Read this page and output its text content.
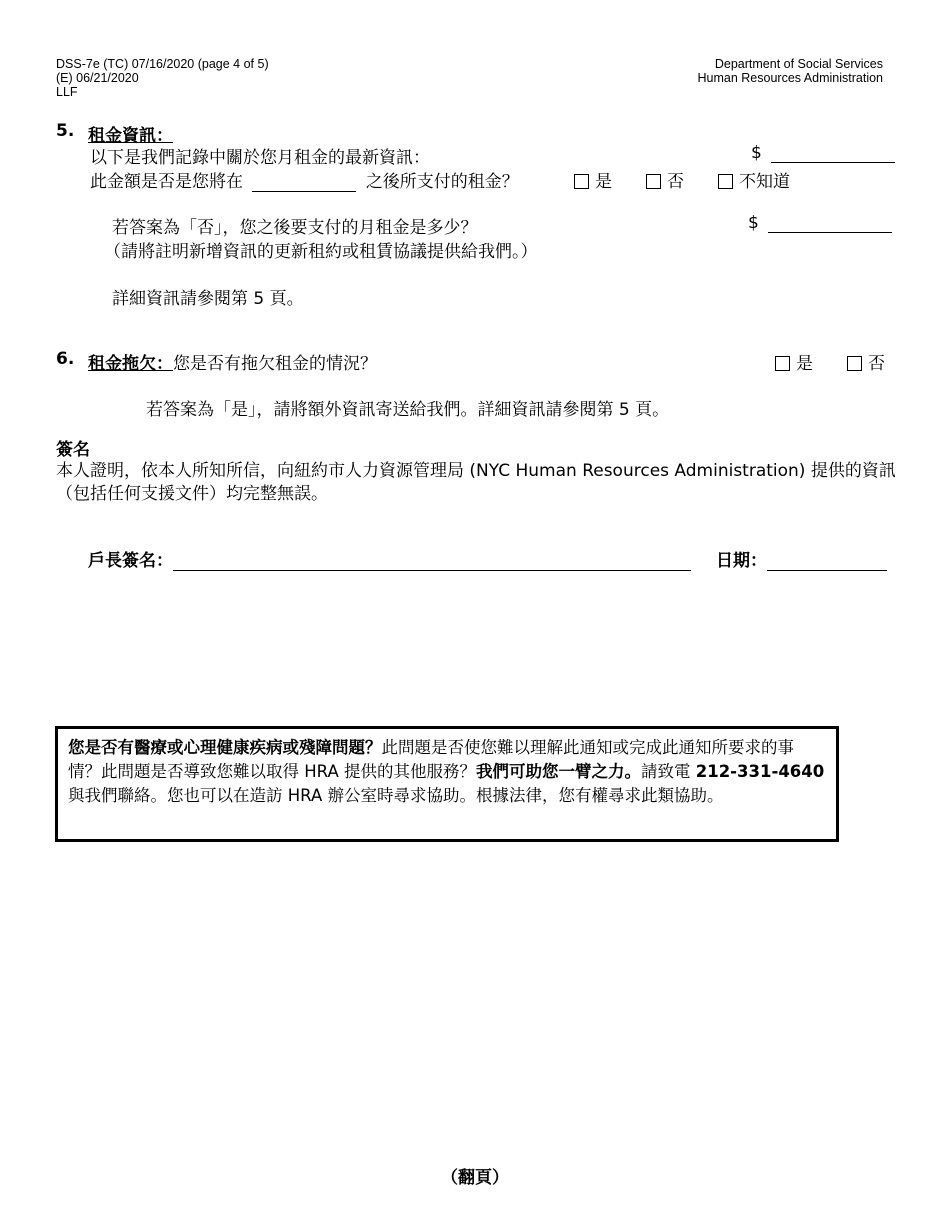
DSS-7e (TC) 07/16/2020 (page 4 of 5)
(E) 06/21/2020
LLF
Department of Social Services
Human Resources Administration
5. 租金資訊：
以下是我們記錄中關於您月租金的最新資訊：	$
此金額是否是您將在	之後所支付的租金？	是	否	不知道
若答案為「否」，您之後要支付的月租金是多少？	$
（請將註明新增資訊的更新租約或租賃協議提供給我們。）
詳細資訊請參閱第 5 頁。
6. 租金拖欠：您是否有拖欠租金的情況？	是	否
若答案為「是」，請將額外資訊寄送給我們。詳細資訊請參閱第 5 頁。
簽名
本人證明，依本人所知所信，向紐約市人力資源管理局 (NYC Human Resources Administration) 提供的資訊（包括任何支援文件）均完整無誤。
戶長簽名：	日期：
您是否有醫療或心理健康疾病或殘障問題？此問題是否使您難以理解此通知或完成此通知所要求的事情？此問題是否導致您難以取得 HRA 提供的其他服務？我們可助您一臂之力。請致電 212-331-4640 與我們聯絡。您也可以在造訪 HRA 辦公室時尋求協助。根據法律，您有權尋求此類協助。
（翻頁）
